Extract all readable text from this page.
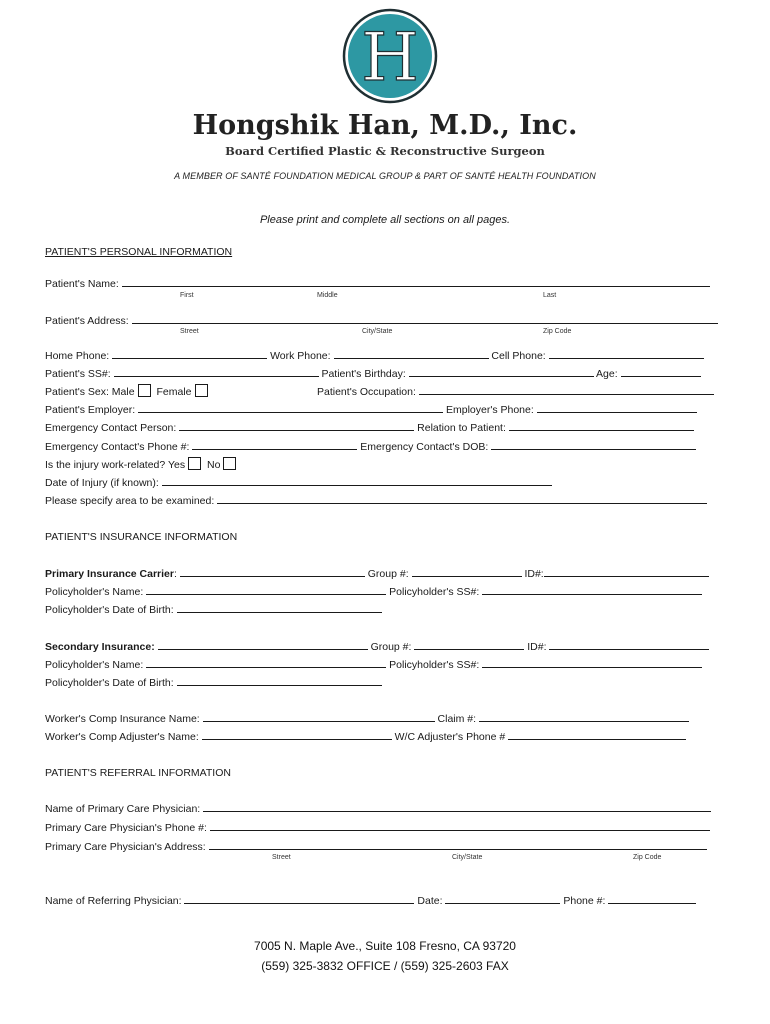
H
Hongshik Han, M.D., Inc.
Board Certified Plastic & Reconstructive Surgeon
A MEMBER OF SANTÉ FOUNDATION MEDICAL GROUP & PART OF SANTÉ HEALTH FOUNDATION
Please print and complete all sections on all pages.
PATIENT'S PERSONAL INFORMATION
Patient's Name:
First	Middle	Last
Patient's Address:
Street	City/State	Zip Code
Home Phone:	Work Phone:	Cell Phone:
Patient's SS#:	Patient's Birthday:	Age:
Patient's Sex: Male Female	Patient's Occupation:
Patient's Employer:	Employer's Phone:
Emergency Contact Person:	Relation to Patient:
Emergency Contact's Phone #:	Emergency Contact's DOB:
Is the injury work-related? Yes No
Date of Injury (if known):
Please specify area to be examined:
PATIENT'S INSURANCE INFORMATION
Primary Insurance Carrier:	Group #:	ID#:
Policyholder's Name:	Policyholder's SS#:
Policyholder's Date of Birth:
Secondary Insurance:	Group #:	ID#:
Policyholder's Name:	Policyholder's SS#:
Policyholder's Date of Birth:
Worker's Comp Insurance Name:	Claim #:
Worker's Comp Adjuster's Name:	W/C Adjuster's Phone #
PATIENT'S REFERRAL INFORMATION
Name of Primary Care Physician:
Primary Care Physician's Phone #:
Primary Care Physician's Address:
Street	City/State	Zip Code
Name of Referring Physician:	Date:	Phone #:
7005 N. Maple Ave., Suite 108 Fresno, CA 93720
(559) 325-3832 OFFICE / (559) 325-2603 FAX
